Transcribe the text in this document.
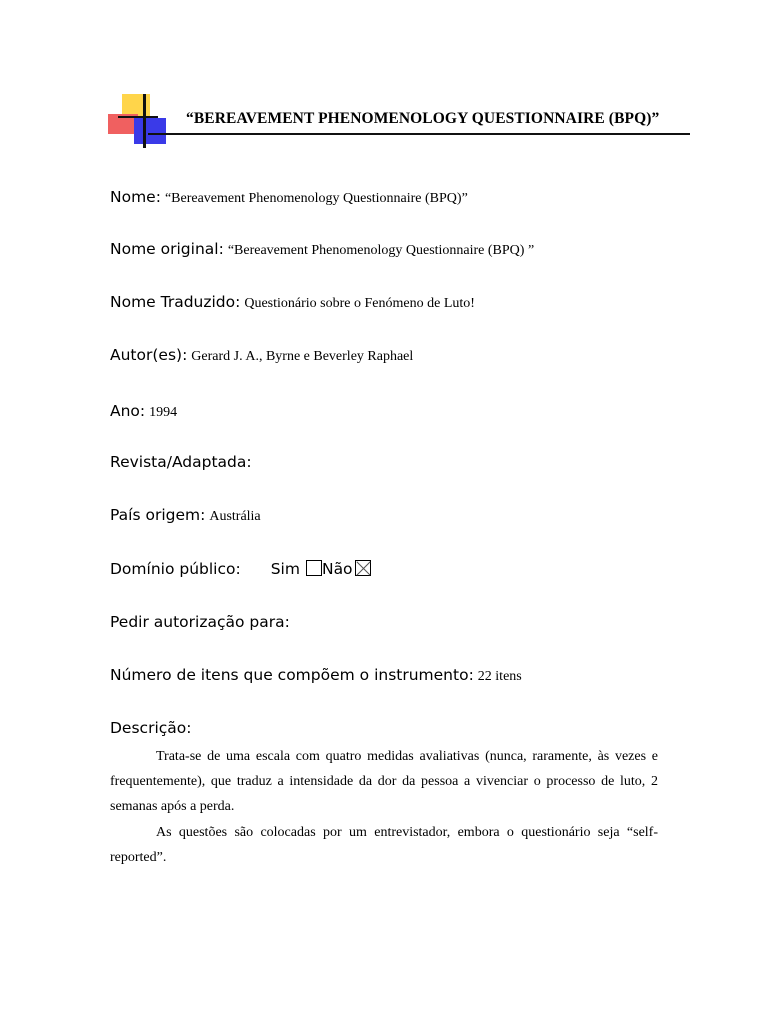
“BEREAVEMENT PHENOMENOLOGY QUESTIONNAIRE (BPQ)”
Nome: “Bereavement Phenomenology Questionnaire (BPQ)”
Nome original: “Bereavement Phenomenology Questionnaire (BPQ) ”
Nome Traduzido: Questionário sobre o Fenómeno de Luto!
Autor(es): Gerard J. A., Byrne e Beverley Raphael
Ano: 1994
Revista/Adaptada:
País origem: Austrália
Domínio público: Sim Não
Pedir autorização para:
Número de itens que compõem o instrumento: 22 itens
Descrição:

Trata-se de uma escala com quatro medidas avaliativas (nunca, raramente, às vezes e frequentemente), que traduz a intensidade da dor da pessoa a vivenciar o processo de luto, 2 semanas após a perda.

As questões são colocadas por um entrevistador, embora o questionário seja “self-reported”.
